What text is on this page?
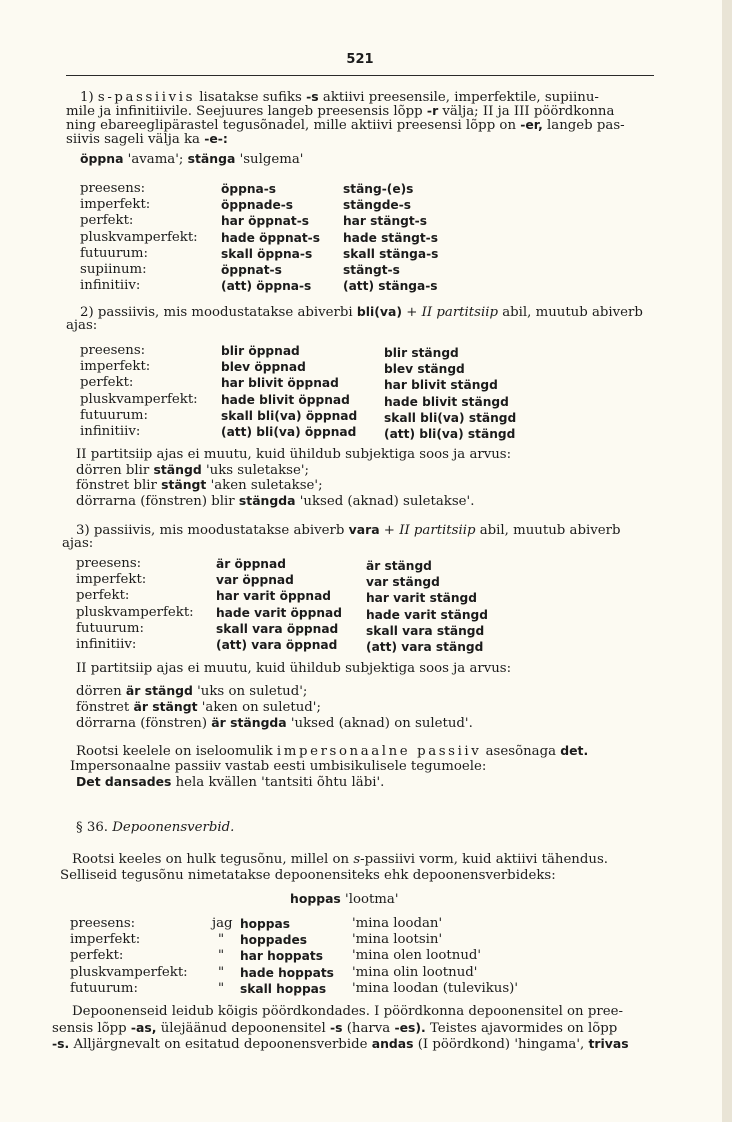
521
1) s-passiivis lisatakse sufiks -s aktiivi preesensile, imperfektile, supiinu-
mile ja infinitiivile. Seejuures langeb preesensis lõpp -r välja; II ja III pöördkonna
ning ebareeglipärastel tegusõnadel, mille aktiivi preesensi lõpp on -er, langeb pas-
siivis sageli välja ka -e-:
öppna 'avama'; stänga 'sulgema'
preesens:
imperfekt:
perfekt:
pluskvamperfekt:
futuurum:
supiinum:
infinitiiv:
öppna-s
öppnade-s
har öppnat-s
hade öppnat-s
skall öppna-s
öppnat-s
(att) öppna-s
stäng-(e)s
stängde-s
har stängt-s
hade stängt-s
skall stänga-s
stängt-s
(att) stänga-s
2) passiivis, mis moodustatakse abiverbi bli(va) + II partitsiip abil, muutub abiverb
ajas:
preesens:
imperfekt:
perfekt:
pluskvamperfekt:
futuurum:
infinitiiv:
blir öppnad
blev öppnad
har blivit öppnad
hade blivit öppnad
skall bli(va) öppnad
(att) bli(va) öppnad
blir stängd
blev stängd
har blivit stängd
hade blivit stängd
skall bli(va) stängd
(att) bli(va) stängd
II partitsiip ajas ei muutu, kuid ühildub subjektiga soos ja arvus:
dörren blir stängd 'uks suletakse';
fönstret blir stängt 'aken suletakse';
dörrarna (fönstren) blir stängda 'uksed (aknad) suletakse'.
3) passiivis, mis moodustatakse abiverb vara + II partitsiip abil, muutub abiverb
ajas:
preesens:
imperfekt:
perfekt:
pluskvamperfekt:
futuurum:
infinitiiv:
är öppnad
var öppnad
har varit öppnad
hade varit öppnad
skall vara öppnad
(att) vara öppnad
är stängd
var stängd
har varit stängd
hade varit stängd
skall vara stängd
(att) vara stängd
II partitsiip ajas ei muutu, kuid ühildub subjektiga soos ja arvus:
dörren är stängd 'uks on suletud';
fönstret är stängt 'aken on suletud';
dörrarna (fönstren) är stängda 'uksed (aknad) on suletud'.
Rootsi keelele on iseloomulik impersonaalne passiiv asesõnaga det.
Impersonaalne passiiv vastab eesti umbisikulisele tegumoele:
Det dansades hela kvällen 'tantsiti õhtu läbi'.
§ 36. Depoonensverbid.
Rootsi keeles on hulk tegusõnu, millel on s-passiivi vorm, kuid aktiivi tähendus.
Selliseid tegusõnu nimetatakse depoonensiteks ehk depoonensverbideks:
hoppas 'lootma'
preesens:
imperfekt:
perfekt:
pluskvamperfekt:
futuurum:
jag
"
"
"
"
hoppas
hoppades
har hoppats
hade hoppats
skall hoppas
'mina loodan'
'mina lootsin'
'mina olen lootnud'
'mina olin lootnud'
'mina loodan (tulevikus)'
Depoonenseid leidub kõigis pöördkondades. I pöördkonna depoonensitel on pree-
sensis lõpp -as, ülejäänud depoonensitel -s (harva -es). Teistes ajavormides on lõpp
-s. Alljärgnevalt on esitatud depoonensverbide andas (I pöördkond) 'hingama', trivas
